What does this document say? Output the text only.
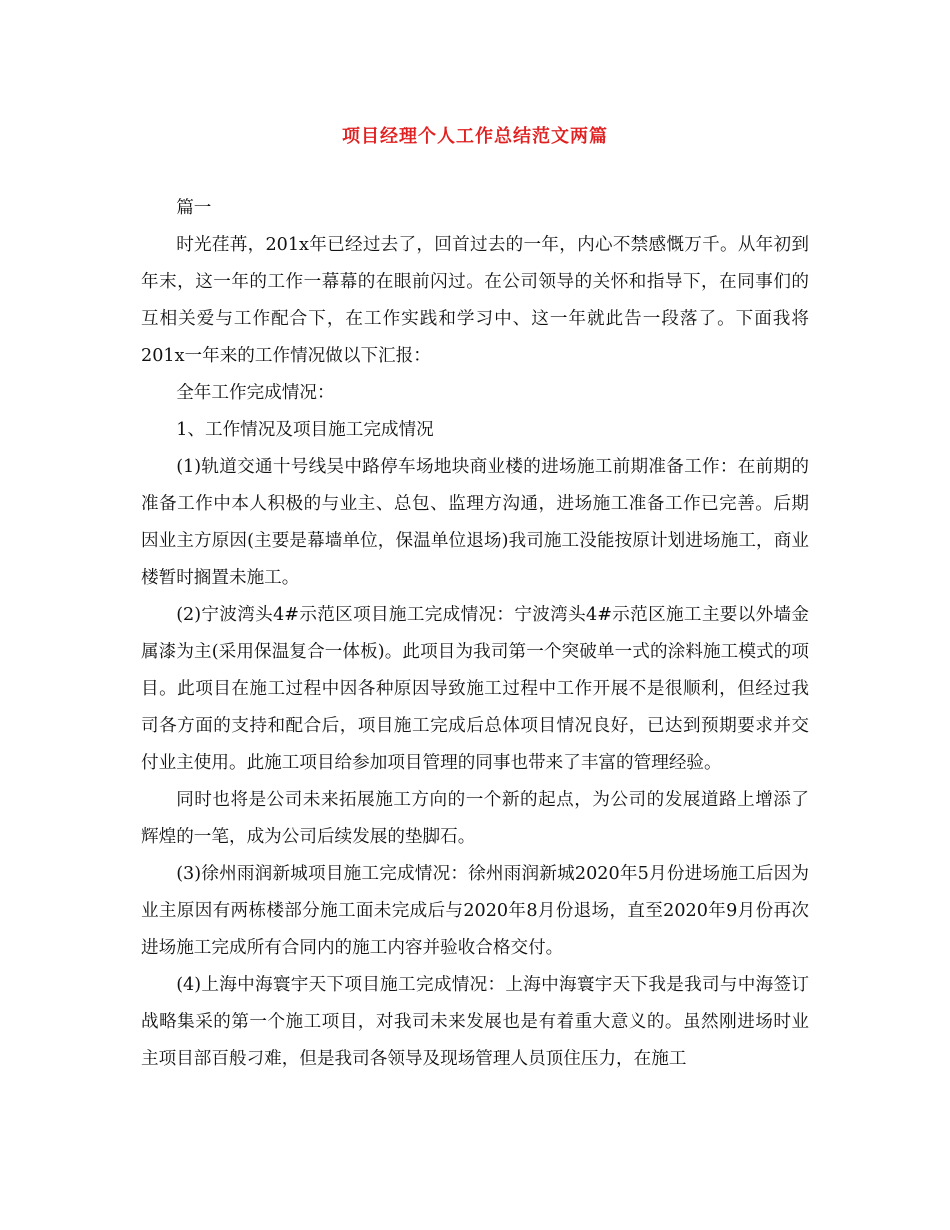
项目经理个人工作总结范文两篇

篇一

时光荏苒，201x年已经过去了，回首过去的一年，内心不禁感慨万千。从年初到年末，这一年的工作一幕幕的在眼前闪过。在公司领导的关怀和指导下，在同事们的互相关爱与工作配合下，在工作实践和学习中、这一年就此告一段落了。下面我将201x一年来的工作情况做以下汇报：

全年工作完成情况：

1、工作情况及项目施工完成情况

(1)轨道交通十号线吴中路停车场地块商业楼的进场施工前期准备工作：在前期的准备工作中本人积极的与业主、总包、监理方沟通，进场施工准备工作已完善。后期因业主方原因(主要是幕墙单位，保温单位退场)我司施工没能按原计划进场施工，商业楼暂时搁置未施工。

(2)宁波湾头4#示范区项目施工完成情况：宁波湾头4#示范区施工主要以外墙金属漆为主(采用保温复合一体板)。此项目为我司第一个突破单一式的涂料施工模式的项目。此项目在施工过程中因各种原因导致施工过程中工作开展不是很顺利，但经过我司各方面的支持和配合后，项目施工完成后总体项目情况良好，已达到预期要求并交付业主使用。此施工项目给参加项目管理的同事也带来了丰富的管理经验。

同时也将是公司未来拓展施工方向的一个新的起点，为公司的发展道路上增添了辉煌的一笔，成为公司后续发展的垫脚石。

(3)徐州雨润新城项目施工完成情况：徐州雨润新城2020年5月份进场施工后因为业主原因有两栋楼部分施工面未完成后与2020年8月份退场，直至2020年9月份再次进场施工完成所有合同内的施工内容并验收合格交付。

(4)上海中海寰宇天下项目施工完成情况：上海中海寰宇天下我是我司与中海签订战略集采的第一个施工项目，对我司未来发展也是有着重大意义的。虽然刚进场时业主项目部百般刁难，但是我司各领导及现场管理人员顶住压力，在施工
